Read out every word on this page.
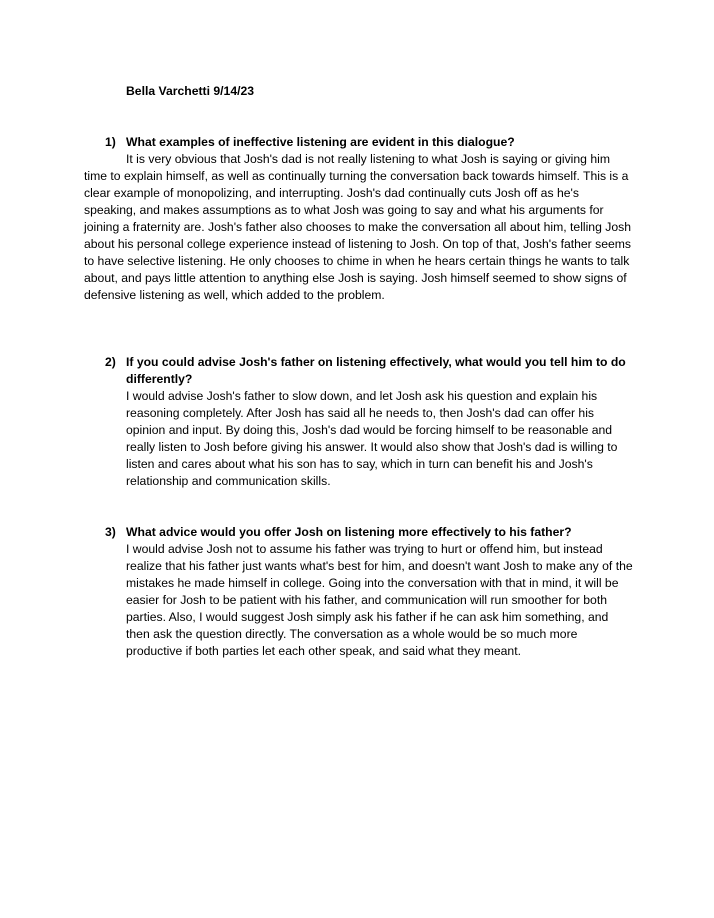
Bella Varchetti 9/14/23

1) What examples of ineffective listening are evident in this dialogue?

It is very obvious that Josh's dad is not really listening to what Josh is saying or giving him time to explain himself, as well as continually turning the conversation back towards himself. This is a clear example of monopolizing, and interrupting. Josh's dad continually cuts Josh off as he's speaking, and makes assumptions as to what Josh was going to say and what his arguments for joining a fraternity are. Josh's father also chooses to make the conversation all about him, telling Josh about his personal college experience instead of listening to Josh. On top of that, Josh's father seems to have selective listening. He only chooses to chime in when he hears certain things he wants to talk about, and pays little attention to anything else Josh is saying. Josh himself seemed to show signs of defensive listening as well, which added to the problem.

2) If you could advise Josh's father on listening effectively, what would you tell him to do differently?

I would advise Josh's father to slow down, and let Josh ask his question and explain his reasoning completely. After Josh has said all he needs to, then Josh's dad can offer his opinion and input. By doing this, Josh's dad would be forcing himself to be reasonable and really listen to Josh before giving his answer. It would also show that Josh's dad is willing to listen and cares about what his son has to say, which in turn can benefit his and Josh's relationship and communication skills.

3) What advice would you offer Josh on listening more effectively to his father?

I would advise Josh not to assume his father was trying to hurt or offend him, but instead realize that his father just wants what's best for him, and doesn't want Josh to make any of the mistakes he made himself in college. Going into the conversation with that in mind, it will be easier for Josh to be patient with his father, and communication will run smoother for both parties. Also, I would suggest Josh simply ask his father if he can ask him something, and then ask the question directly. The conversation as a whole would be so much more productive if both parties let each other speak, and said what they meant.
